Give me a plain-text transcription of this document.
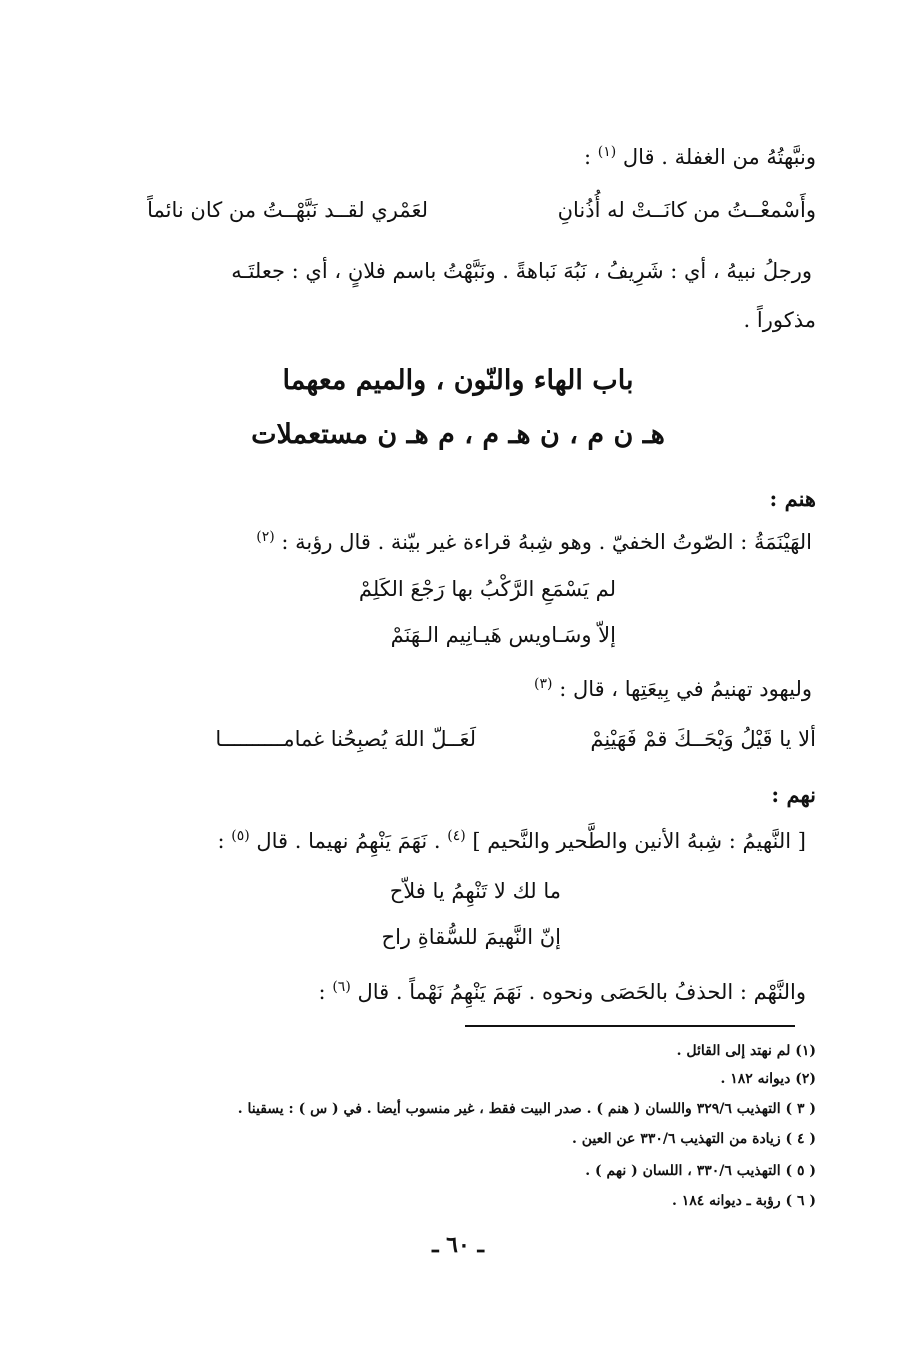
ونبَّهتُهُ من الغفلة . قال $^{(١)}$ :
وأَسْمعْــتُ من كانَــتْ له أُذُنانِ
لعَمْري لقــد نَبَّهْــتُ من كان نائماً
ورجلُ نبيهُ ، أي : شَرِيفُ ، نَبُهَ نَباهةً . ونَبَّهْتُ باسم فلانٍ ، أي : جعلتَـه
مذكوراً .
باب الهاء والنّون ، والميم معهما
هـ ن م ، ن هـ م ، م هـ ن مستعملات
هنم :
الهَيْنَمَةُ : الصّوتُ الخفيّ . وهو شِبهُ قراءة غير بيّنة . قال رؤبة : $^{(٢)}$
لم يَسْمَعِ الرَّكْبُ بها رَجْعَ الكَلِمْ
إلاّ وسَـاويس هَيـانِيم الـهَنَمْ
وليهود تهنيمُ في بِيعَتِها ، قال : $^{(٣)}$
ألا يا قَيْلُ وَيْحَــكَ قمْ فَهَيْنِمْ
لَعَــلّ اللهَ يُصبِحُنا غمامــــــــــا
نهم :
[ النَّهيمُ : شِبهُ الأنين والطَّحير والنَّحيم ] $^{(٤)}$ . نَهَمَ يَنْهِمُ نهيما . قال $^{(٥)}$ :
ما لك لا تَنْهِمُ يا فلاّح
إنّ النَّهيمَ للسُّقاةِ راح
والنَّهْم : الحذفُ بالحَصَى ونحوه . نَهَمَ يَنْهِمُ نَهْماً . قال $^{(٦)}$ :
(١) لم نهتد إلى القائل .
(٢) ديوانه ١٨٢ .
( ٣ ) التهذيب ٣٢٩/٦ واللسان ( هنم ) . صدر البيت فقط ، غير منسوب أيضا . في ( س ) : يسقينا .
( ٤ ) زيادة من التهذيب ٣٣٠/٦ عن العين .
( ٥ ) التهذيب ٣٣٠/٦ ، اللسان ( نهم ) .
( ٦ ) رؤبة ـ ديوانه ١٨٤ .
ـ ٦٠ ـ
